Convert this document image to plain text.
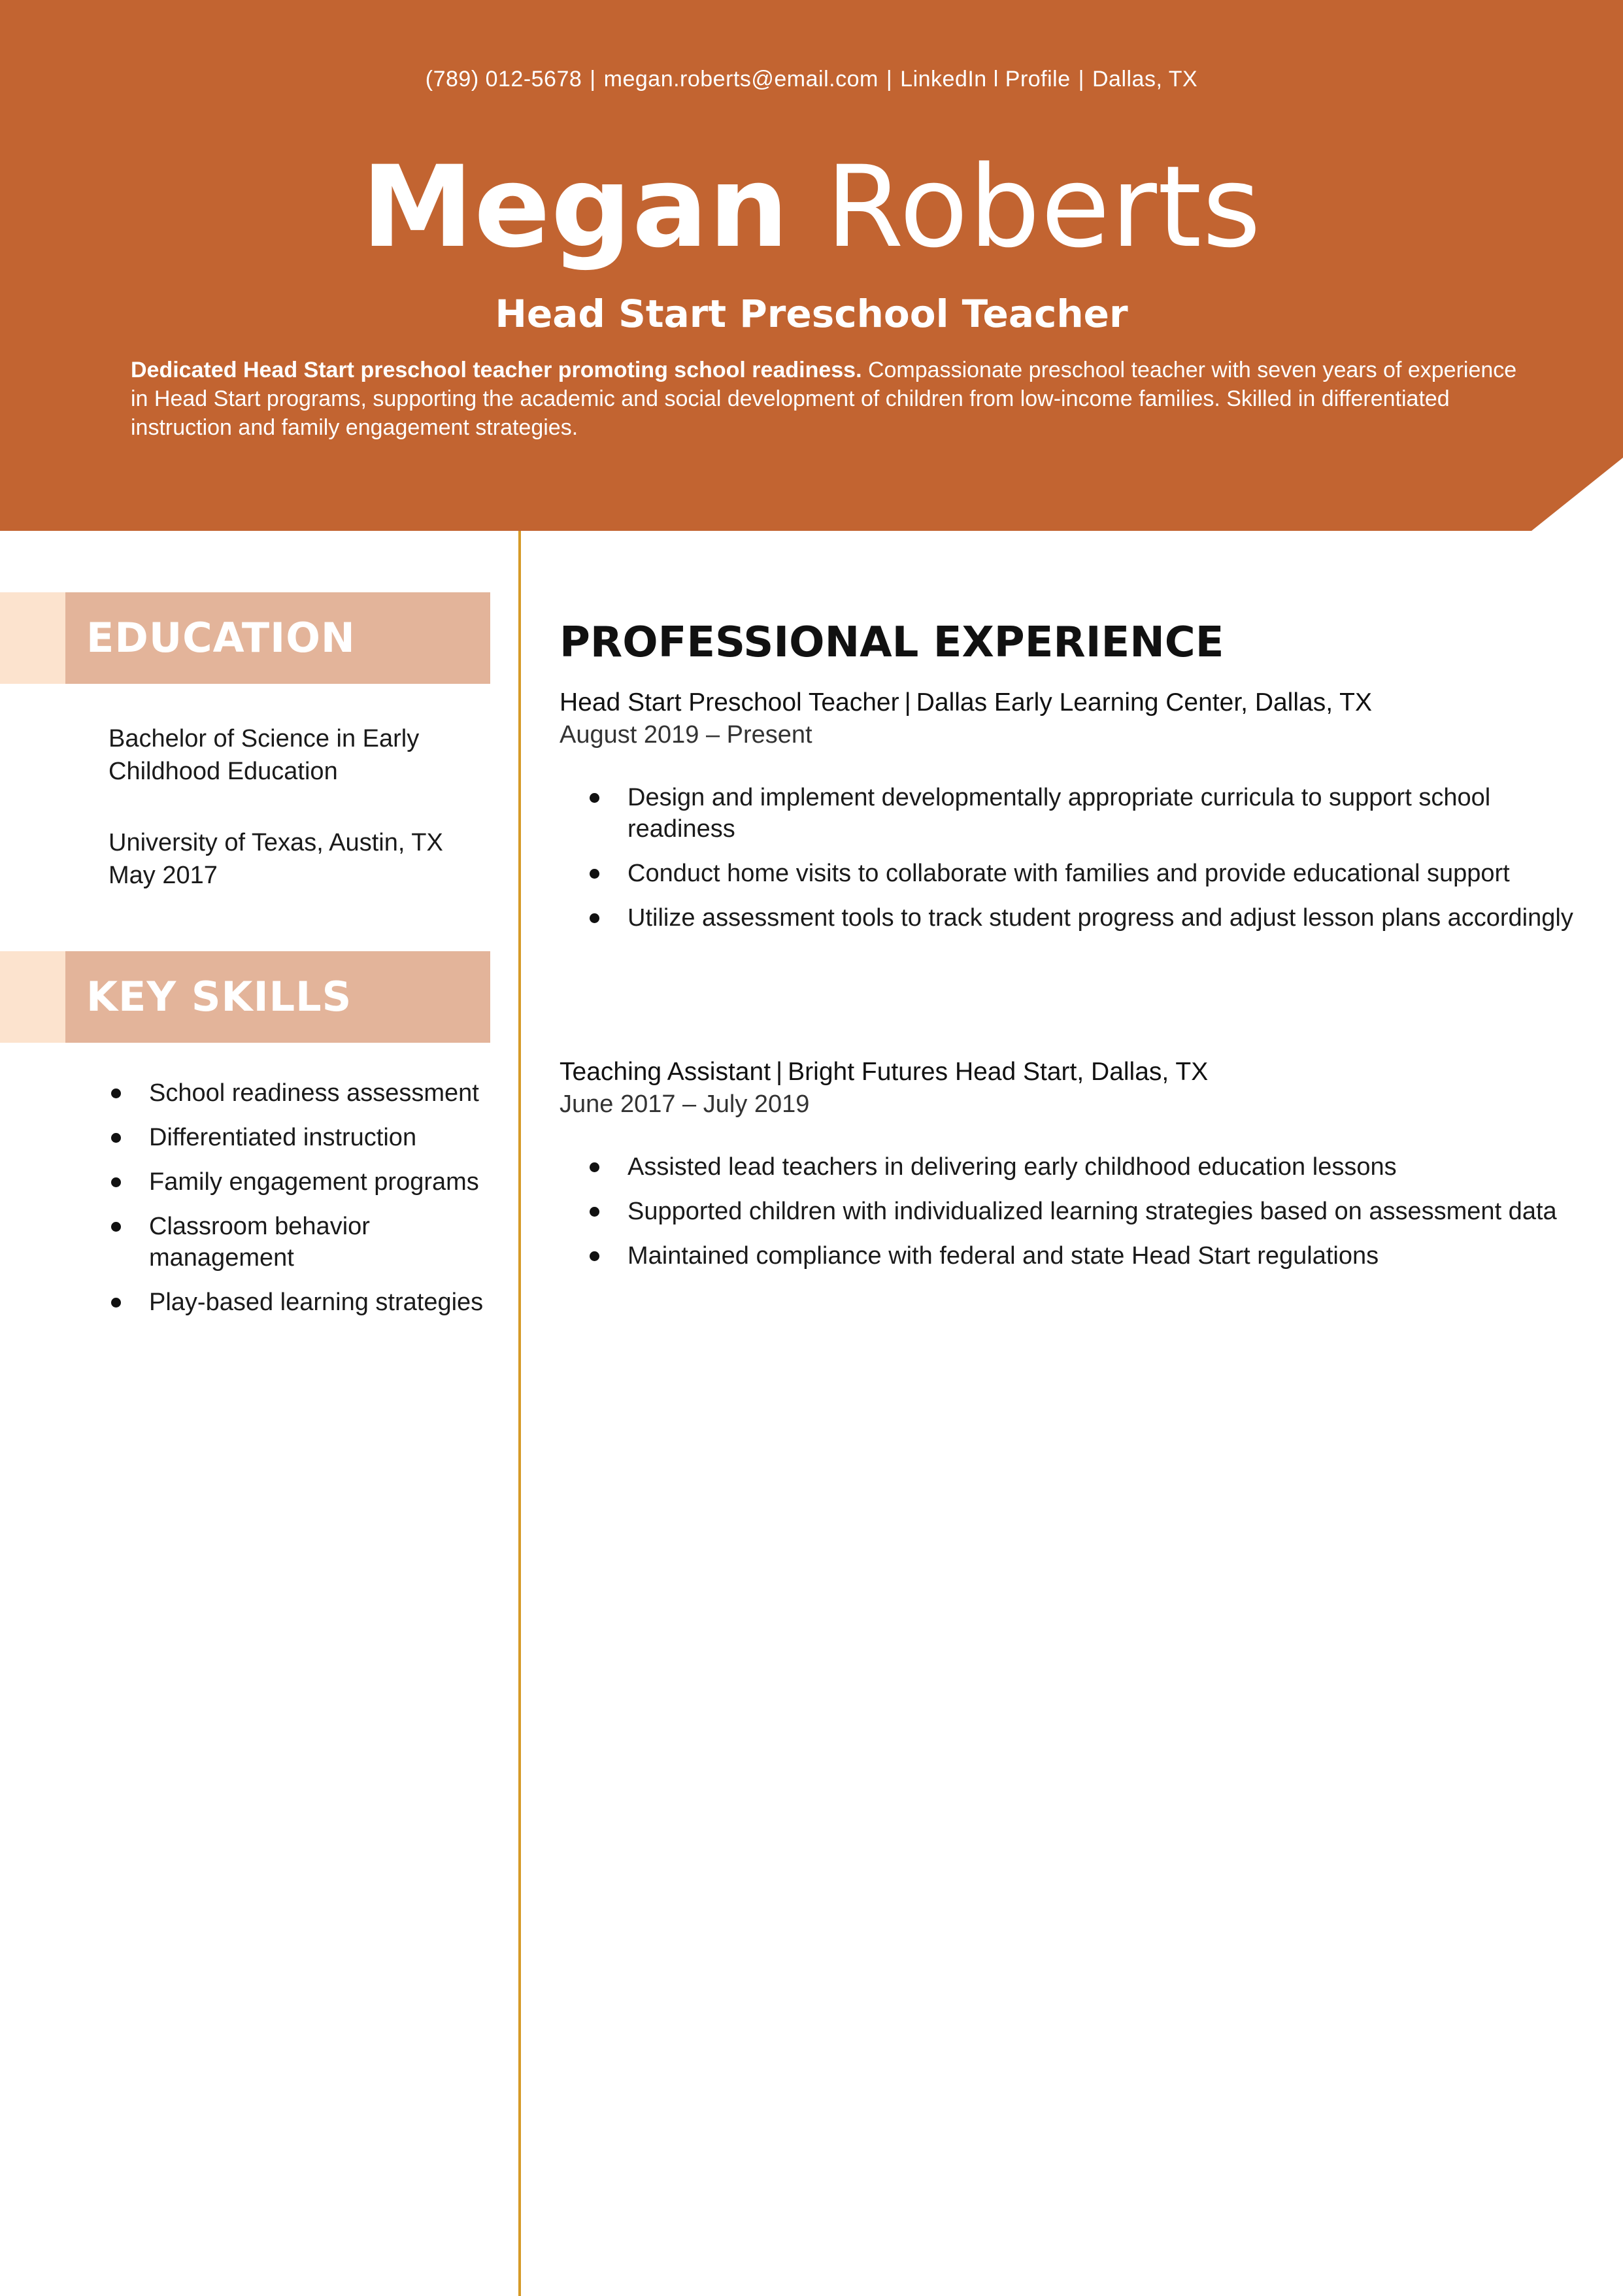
(789) 012-5678 | megan.roberts@email.com | LinkedIn l Profile | Dallas, TX
Megan Roberts
Head Start Preschool Teacher
Dedicated Head Start preschool teacher promoting school readiness. Compassionate preschool teacher with seven years of experience in Head Start programs, supporting the academic and social development of children from low-income families. Skilled in differentiated instruction and family engagement strategies.
EDUCATION
Bachelor of Science in Early
Childhood Education
University of Texas, Austin, TX
May 2017
KEY SKILLS
School readiness assessment
Differentiated instruction
Family engagement programs
Classroom behavior management
Play-based learning strategies
PROFESSIONAL EXPERIENCE
Head Start Preschool Teacher | Dallas Early Learning Center, Dallas, TX
August 2019 – Present
Design and implement developmentally appropriate curricula to support school readiness
Conduct home visits to collaborate with families and provide educational support
Utilize assessment tools to track student progress and adjust lesson plans accordingly
Teaching Assistant | Bright Futures Head Start, Dallas, TX
June 2017 – July 2019
Assisted lead teachers in delivering early childhood education lessons
Supported children with individualized learning strategies based on assessment data
Maintained compliance with federal and state Head Start regulations
